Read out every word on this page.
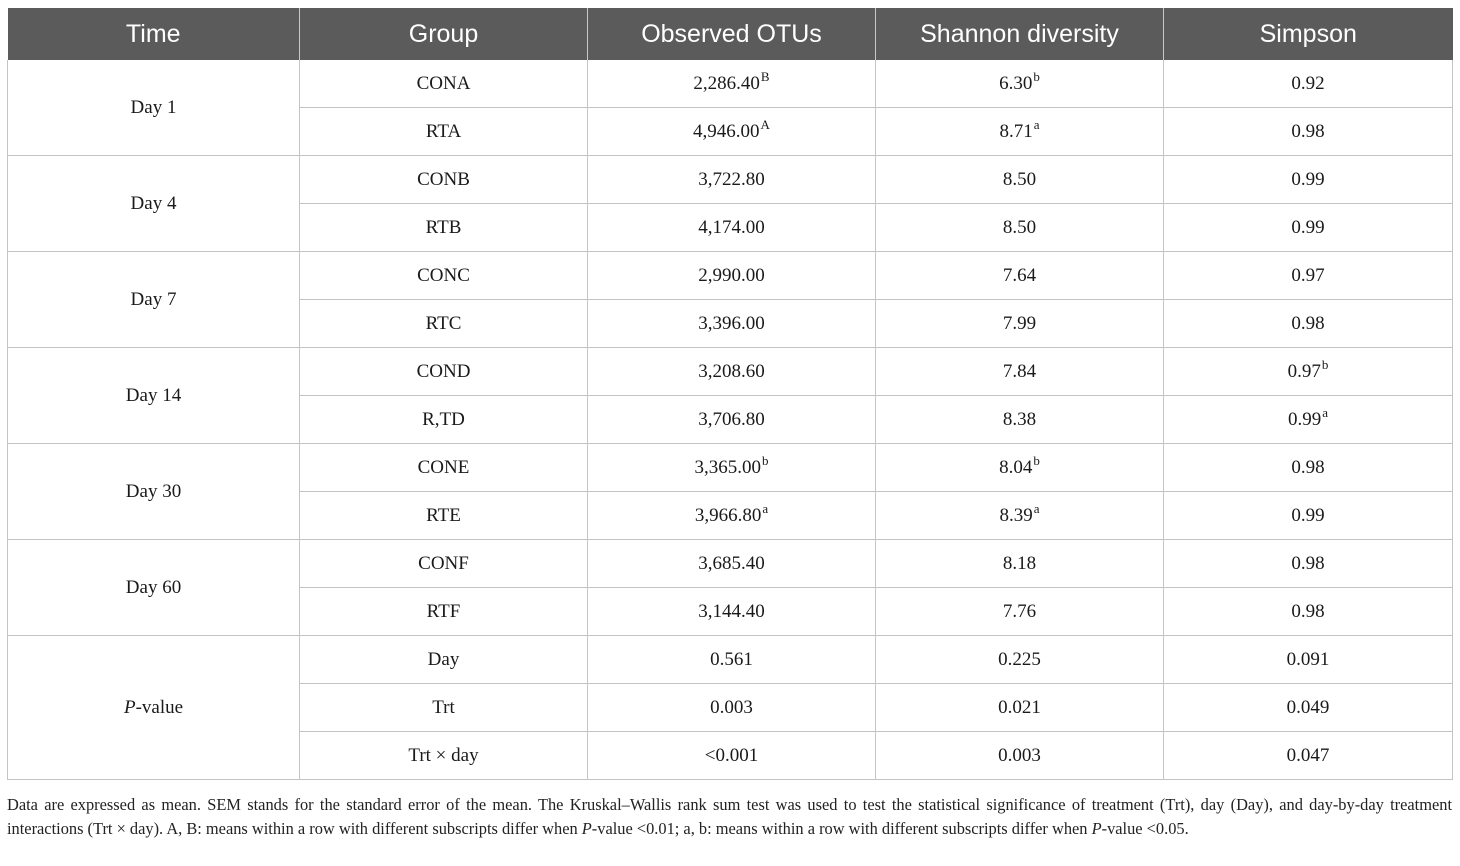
Time	Group	Observed OTUs	Shannon diversity	Simpson
Day 1	CONA	$2,286.40^B$	6.30$^b$	0.92
	RTA	$4,946.00^A$	8.71$^a$	0.98
Day 4	CONB	3,722.80	8.50	0.99
	RTB	4,174.00	8.50	0.99
Day 7	CONC	2,990.00	7.64	0.97
	RTC	3,396.00	7.99	0.98
Day 14	COND	3,208.60	7.84	0.97$^b$
	R,TD	3,706.80	8.38	0.99$^a$
Day 30	CONE	3,365.00$^b$	8.04$^b$	0.98
	RTE	3,966.80$^a$	8.39$^a$	0.99
Day 60	CONF	3,685.40	8.18	0.98
	RTF	3,144.40	7.76	0.98
P-value	Day	0.561	0.225	0.091
	Trt	0.003	0.021	0.049
	Trt × day	<0.001	0.003	0.047
Data are expressed as mean. SEM stands for the standard error of the mean. The Kruskal–Wallis rank sum test was used to test the statistical significance of treatment (Trt), day (Day), and day-by-day treatment interactions (Trt × day). A, B: means within a row with different subscripts differ when P-value <0.01; a, b: means within a row with different subscripts differ when P-value <0.05.
